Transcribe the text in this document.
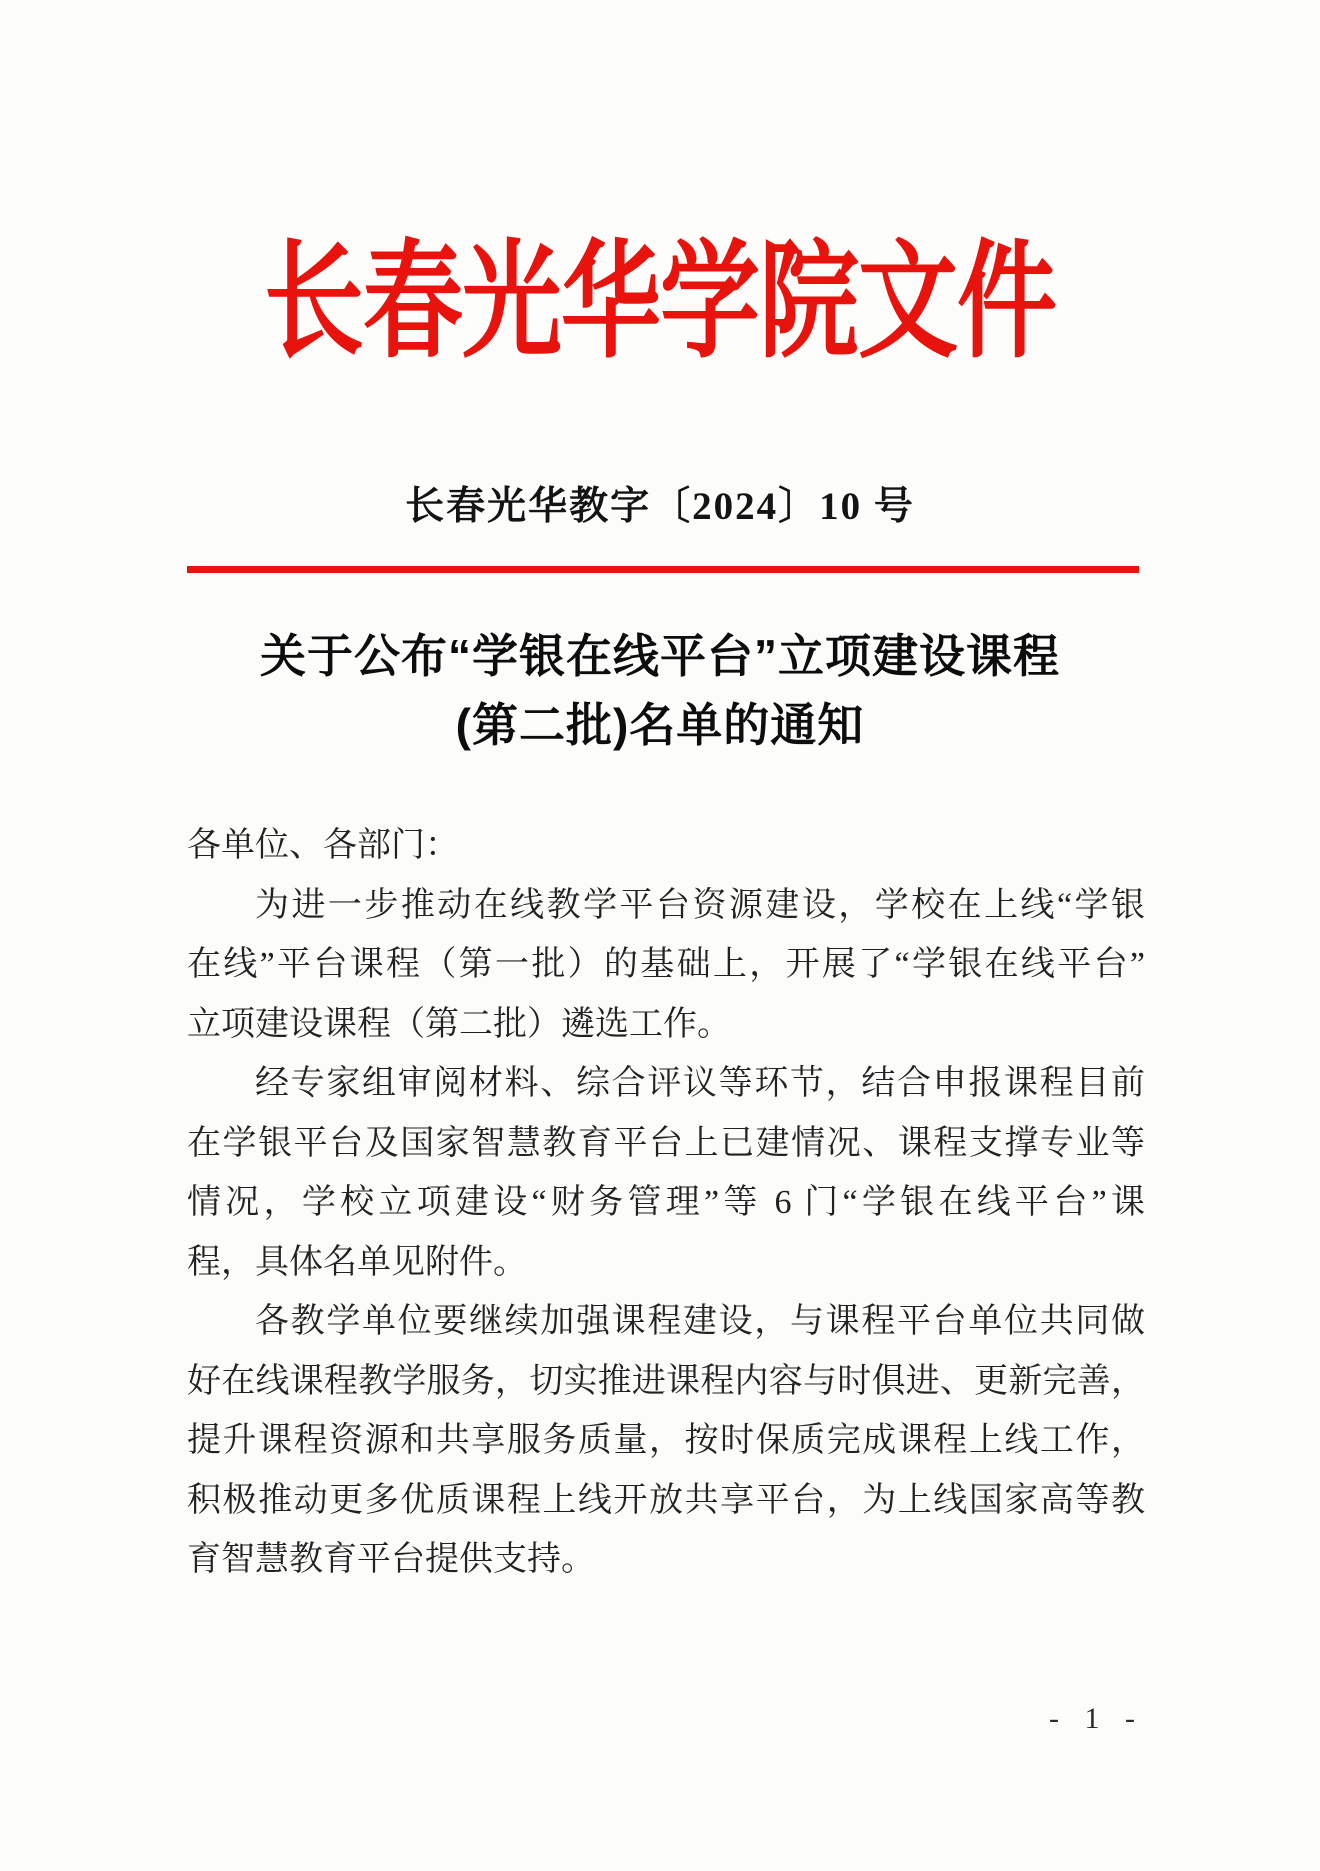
长春光华学院文件
长春光华教字〔2024〕10 号
关于公布“学银在线平台”立项建设课程
(第二批)名单的通知
各单位、各部门：
为进一步推动在线教学平台资源建设，学校在上线“学银
在线”平台课程（第一批）的基础上，开展了“学银在线平台”
立项建设课程（第二批）遴选工作。
经专家组审阅材料、综合评议等环节，结合申报课程目前
在学银平台及国家智慧教育平台上已建情况、课程支撑专业等
情况，学校立项建设“财务管理”等 6 门“学银在线平台”课
程，具体名单见附件。
各教学单位要继续加强课程建设，与课程平台单位共同做
好在线课程教学服务，切实推进课程内容与时俱进、更新完善，
提升课程资源和共享服务质量，按时保质完成课程上线工作，
积极推动更多优质课程上线开放共享平台，为上线国家高等教
育智慧教育平台提供支持。
- 1 -
